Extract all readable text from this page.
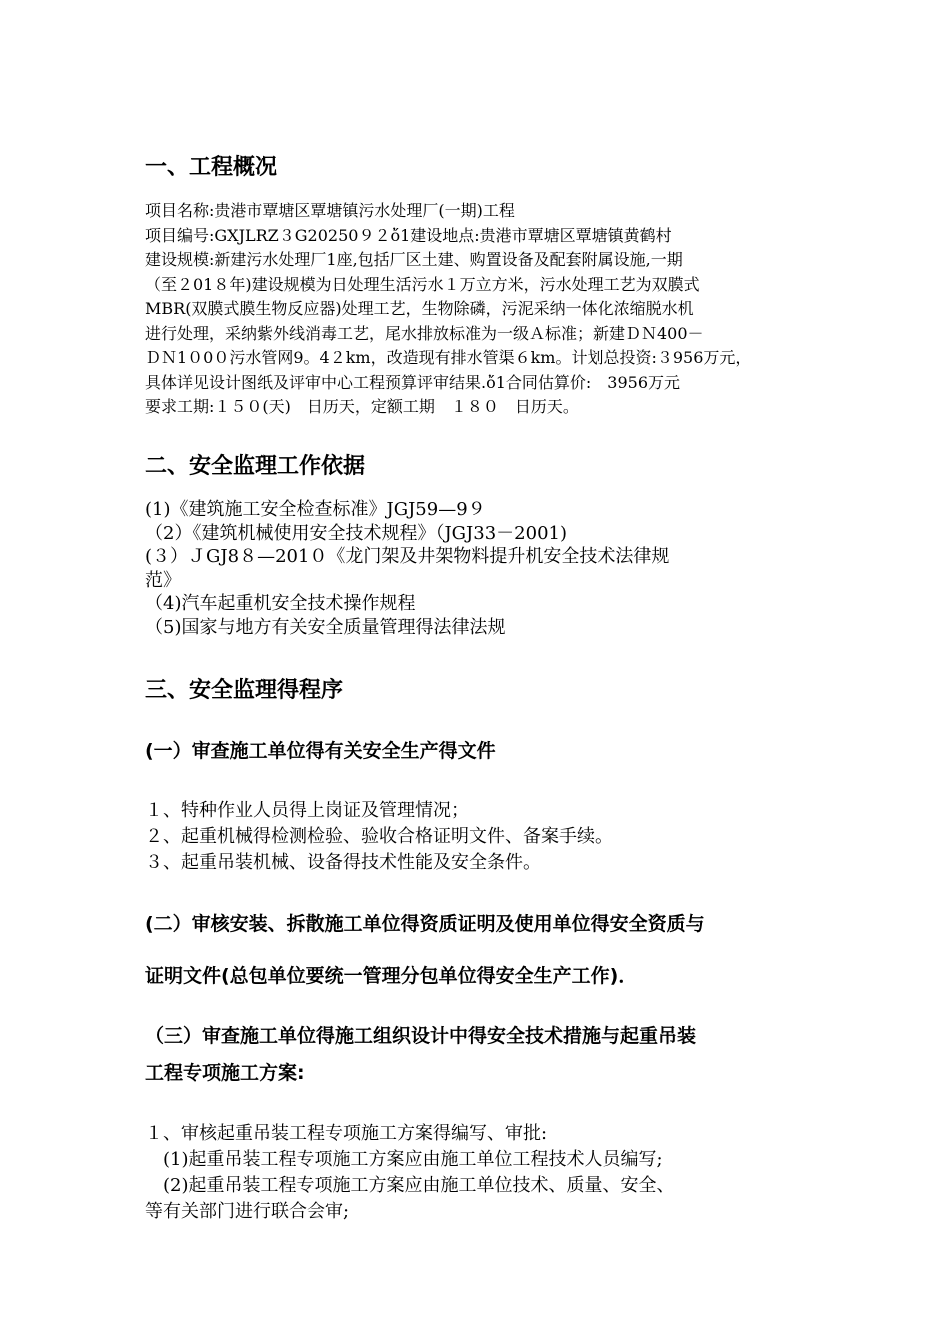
一、工程概况
项目名称:贵港市覃塘区覃塘镇污水处理厂(一期)工程
项目编号:GXJLRZ３G20250９２ὄ1建设地点:贵港市覃塘区覃塘镇黄鹤村
建设规模:新建污水处理厂1座,包括厂区土建、购置设备及配套附属设施,一期
（至２01８年)建设规模为日处理生活污水１万立方米，污水处理工艺为双膜式
MBR(双膜式膜生物反应器)处理工艺，生物除磷，污泥采纳一体化浓缩脱水机
进行处理，采纳紫外线消毒工艺，尾水排放标准为一级Ａ标准；新建ＤＮ400－
ＤＮ1０0０污水管网9。4２km，改造现有排水管渠６km。计划总投资:３956万元，
具体详见设计图纸及评审中心工程预算评审结果.ὄ1合同估算价:　3956万元
要求工期:１５０(天)　日历天，定额工期　１８０　日历天。
二、安全监理工作依据
(1)《建筑施工安全检查标准》JGJ59—9９
（2）《建筑机械使用安全技术规程》（JGJ33－2001)
(３）ＪGJ8８—201０《龙门架及井架物料提升机安全技术法律规
范》
（4)汽车起重机安全技术操作规程
（5)国家与地方有关安全质量管理得法律法规
三、安全监理得程序
(一）审查施工单位得有关安全生产得文件
１、特种作业人员得上岗证及管理情况；
２、起重机械得检测检验、验收合格证明文件、备案手续。
３、起重吊装机械、设备得技术性能及安全条件。
(二）审核安装、拆散施工单位得资质证明及使用单位得安全资质与
证明文件(总包单位要统一管理分包单位得安全生产工作)．
（三）审查施工单位得施工组织设计中得安全技术措施与起重吊装
工程专项施工方案:
１、审核起重吊装工程专项施工方案得编写、审批:
　(1)起重吊装工程专项施工方案应由施工单位工程技术人员编写;
　(2)起重吊装工程专项施工方案应由施工单位技术、质量、安全、
等有关部门进行联合会审;
